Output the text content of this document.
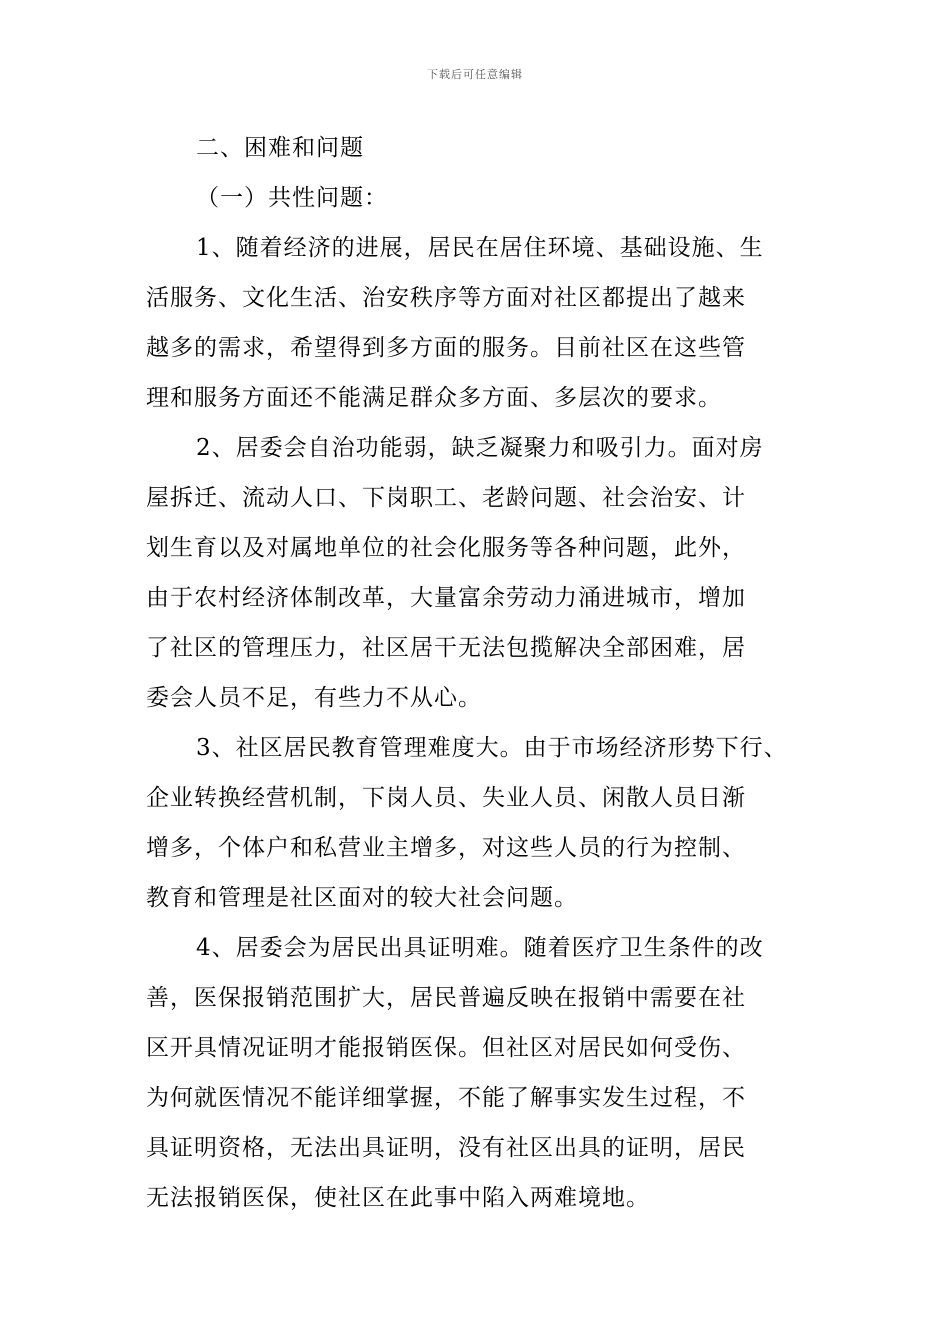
下载后可任意编辑
二、困难和问题
（一）共性问题：
1、随着经济的进展，居民在居住环境、基础设施、生
活服务、文化生活、治安秩序等方面对社区都提出了越来
越多的需求，希望得到多方面的服务。目前社区在这些管
理和服务方面还不能满足群众多方面、多层次的要求。
2、居委会自治功能弱，缺乏凝聚力和吸引力。面对房
屋拆迁、流动人口、下岗职工、老龄问题、社会治安、计
划生育以及对属地单位的社会化服务等各种问题，此外，
由于农村经济体制改革，大量富余劳动力涌进城市，增加
了社区的管理压力，社区居干无法包揽解决全部困难，居
委会人员不足，有些力不从心。
3、社区居民教育管理难度大。由于市场经济形势下行、
企业转换经营机制，下岗人员、失业人员、闲散人员日渐
增多，个体户和私营业主增多，对这些人员的行为控制、
教育和管理是社区面对的较大社会问题。
4、居委会为居民出具证明难。随着医疗卫生条件的改
善，医保报销范围扩大，居民普遍反映在报销中需要在社
区开具情况证明才能报销医保。但社区对居民如何受伤、
为何就医情况不能详细掌握，不能了解事实发生过程，不
具证明资格，无法出具证明，没有社区出具的证明，居民
无法报销医保，使社区在此事中陷入两难境地。
